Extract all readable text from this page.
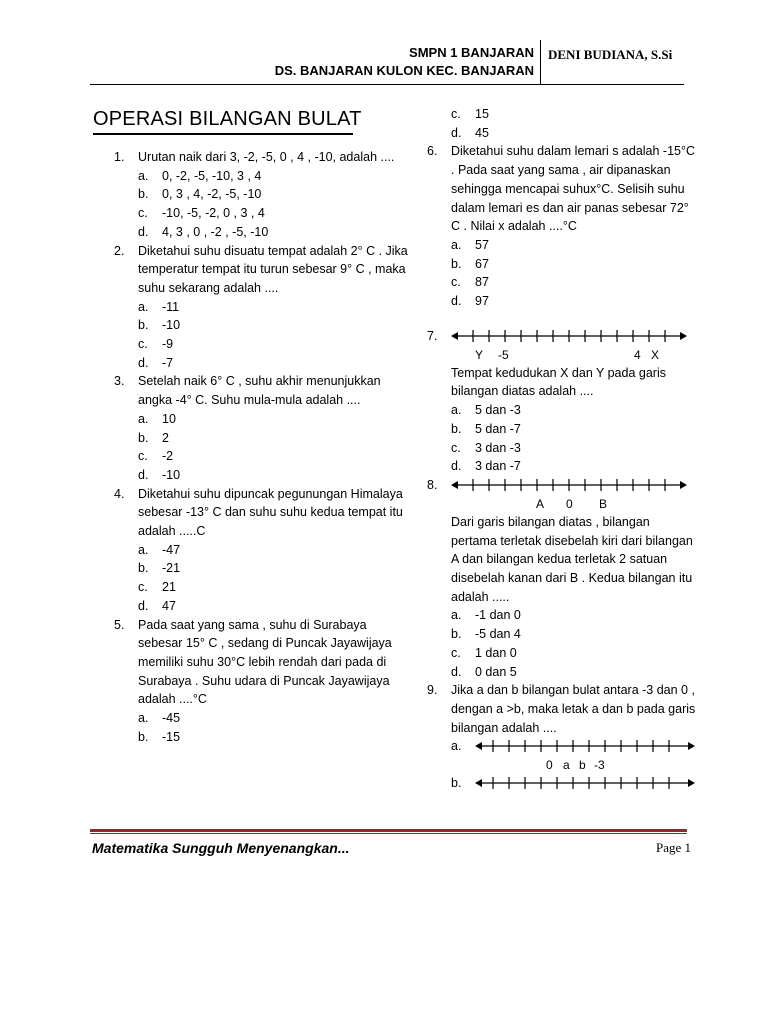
SMPN 1 BANJARAN
DS. BANJARAN KULON KEC. BANJARAN
DENI BUDIANA, S.Si
OPERASI BILANGAN BULAT
1. Urutan naik dari 3, -2, -5, 0 , 4 , -10, adalah ....
a. 0, -2, -5, -10, 3 , 4
b. 0, 3 , 4, -2, -5, -10
c. -10, -5, -2, 0 , 3 , 4
d. 4, 3 , 0 , -2 , -5, -10
2. Diketahui suhu disuatu tempat adalah 2° C . Jika temperatur tempat itu turun sebesar 9° C , maka suhu sekarang adalah ....
a. -11
b. -10
c. -9
d. -7
3. Setelah naik 6° C , suhu akhir menunjukkan angka -4° C. Suhu mula-mula adalah ....
a. 10
b. 2
c. -2
d. -10
4. Diketahui suhu dipuncak pegunungan Himalaya sebesar -13° C dan suhu suhu kedua tempat itu adalah .....C
a. -47
b. -21
c. 21
d. 47
5. Pada saat yang sama , suhu di Surabaya sebesar 15° C , sedang di Puncak Jayawijaya memiliki suhu 30°C lebih rendah dari pada di Surabaya . Suhu udara di Puncak Jayawijaya adalah ....°C
a. -45
b. -15
c. 15
d. 45
6. Diketahui suhu dalam lemari s adalah -15°C . Pada saat yang sama , air dipanaskan sehingga mencapai suhux°C. Selisih suhu dalam lemari es dan air panas sebesar 72° C . Nilai x adalah ....°C
a. 57
b. 67
c. 87
d. 97
7.
Y -5	4 X
Tempat kedudukan X dan Y pada garis bilangan diatas adalah ....
a. 5 dan -3
b. 5 dan -7
c. 3 dan -3
d. 3 dan -7
8.
A 0 B
Dari garis bilangan diatas , bilangan pertama terletak disebelah kiri dari bilangan A dan bilangan kedua terletak 2 satuan disebelah kanan dari B . Kedua bilangan itu adalah .....
a. -1 dan 0
b. -5 dan 4
c. 1 dan 0
d. 0 dan 5
9. Jika a dan b bilangan bulat antara -3 dan 0 , dengan a >b, maka letak a dan b pada garis bilangan adalah ....
a.
0 a b -3
b.
Matematika Sungguh Menyenangkan...	Page 1
